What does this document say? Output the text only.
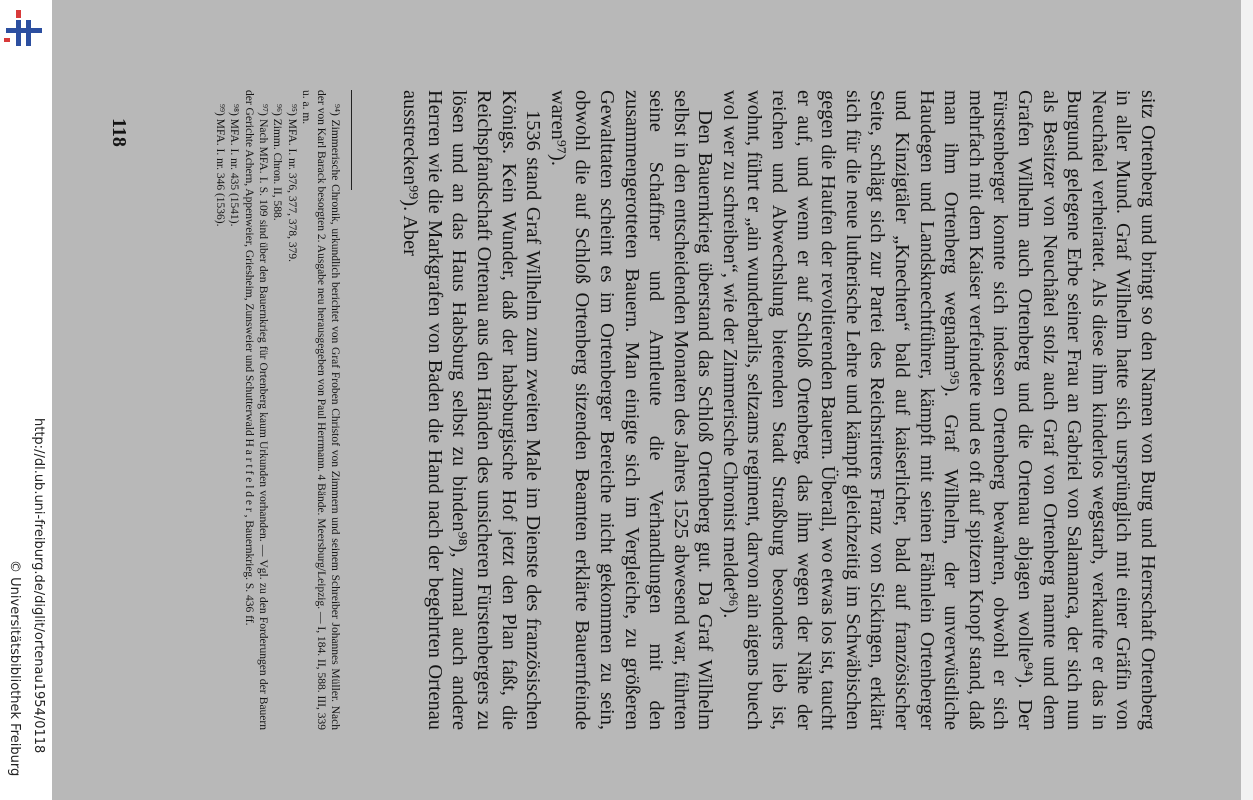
http://dl.ub.uni-freiburg.de/diglit/ortenau1954/0118
© Universitätsbibliothek Freiburg	sitz Ortenberg und bringt so den Namen von Burg und Herrschaft Ortenberg in aller Mund. Graf Wilhelm hatte sich ursprünglich mit einer Gräfin von Neuchâtel verheiratet. Als diese ihm kinderlos wegstarb, verkaufte er das in Burgund gelegene Erbe seiner Frau an Gabriel von Salamanca, der sich nun als Besitzer von Neuchâtel stolz auch Graf von Ortenberg nannte und dem Grafen Wilhelm auch Ortenberg und die Ortenau abjagen wollte⁹⁴). Der Fürstenberger konnte sich indessen Ortenberg bewahren, obwohl er sich mehrfach mit dem Kaiser verfeindete und es oft auf spitzem Knopf stand, daß man ihm Ortenberg wegnahm⁹⁵). Graf Wilhelm, der unverwüstliche Haudegen und Landsknechtführer, kämpft mit seinen Fähnlein Ortenberger und Kinzigtäler „Knechten“ bald auf kaiserlicher, bald auf französischer Seite, schlägt sich zur Partei des Reichsritters Franz von Sickingen, erklärt sich für die neue lutherische Lehre und kämpft gleichzeitig im Schwäbischen gegen die Haufen der revoltierenden Bauern. Überall, wo etwas los ist, taucht er auf, und wenn er auf Schloß Ortenberg, das ihm wegen der Nähe der reichen und Abwechslung bietenden Stadt Straßburg besonders lieb ist, wohnt, führt er „ain wunderbarlis, seltzams regiment, darvon ain aigens buech wol wer zu schreiben“, wie der Zimmerische Chronist meldet⁹⁶).

Den Bauernkrieg überstand das Schloß Ortenberg gut. Da Graf Wilhelm selbst in den entscheidenden Monaten des Jahres 1525 abwesend war, führten seine Schaffner und Amtleute die Verhandlungen mit den zusammengerotteten Bauern. Man einigte sich im Vergleiche, zu größeren Gewalttaten scheint es im Ortenberger Bereiche nicht gekommen zu sein, obwohl die auf Schloß Ortenberg sitzenden Beamten erklärte Bauernfeinde waren⁹⁷).

1536 stand Graf Wilhelm zum zweiten Male im Dienste des französischen Königs. Kein Wunder, daß der habsburgische Hof jetzt den Plan faßt, die Reichspfandschaft Ortenau aus den Händen des unsicheren Fürstenbergers zu lösen und an das Haus Habsburg selbst zu binden⁹⁸), zumal auch andere Herren wie die Markgrafen von Baden die Hand nach der begehrten Ortenau ausstrecken⁹⁹). Aber

⁹⁴) Zimmerische Chronik, urkundlich berichtet von Graf Froben Christof von Zimmern und seinem Schreiber Johannes Müller. Nach der von Karl Barack besorgten 2. Ausgabe neu herausgegeben von Paul Herrmann. 4 Bände. Meersburg/Leipzig. — I, 184. II, 588. III, 339 u. a. m.
⁹⁵) MFA. I. nr. 376, 377, 378, 379.
⁹⁶) Zimm. Chron. II, 588.
⁹⁷) Nach MFA. I. S. 109 sind über den Bauernkrieg für Ortenberg kaum Urkunden vorhanden. — Vgl. zu den Forderungen der Bauern der Gerichte Achern, Appenweier, Griesheim, Zunsweier und Schutterwald H a r t f e l d e r , Bauernkrieg. S. 436 ff.
⁹⁸) MFA. I. nr. 435 (1541).
⁹⁹) MFA. I. nr. 346 (1536).
118
